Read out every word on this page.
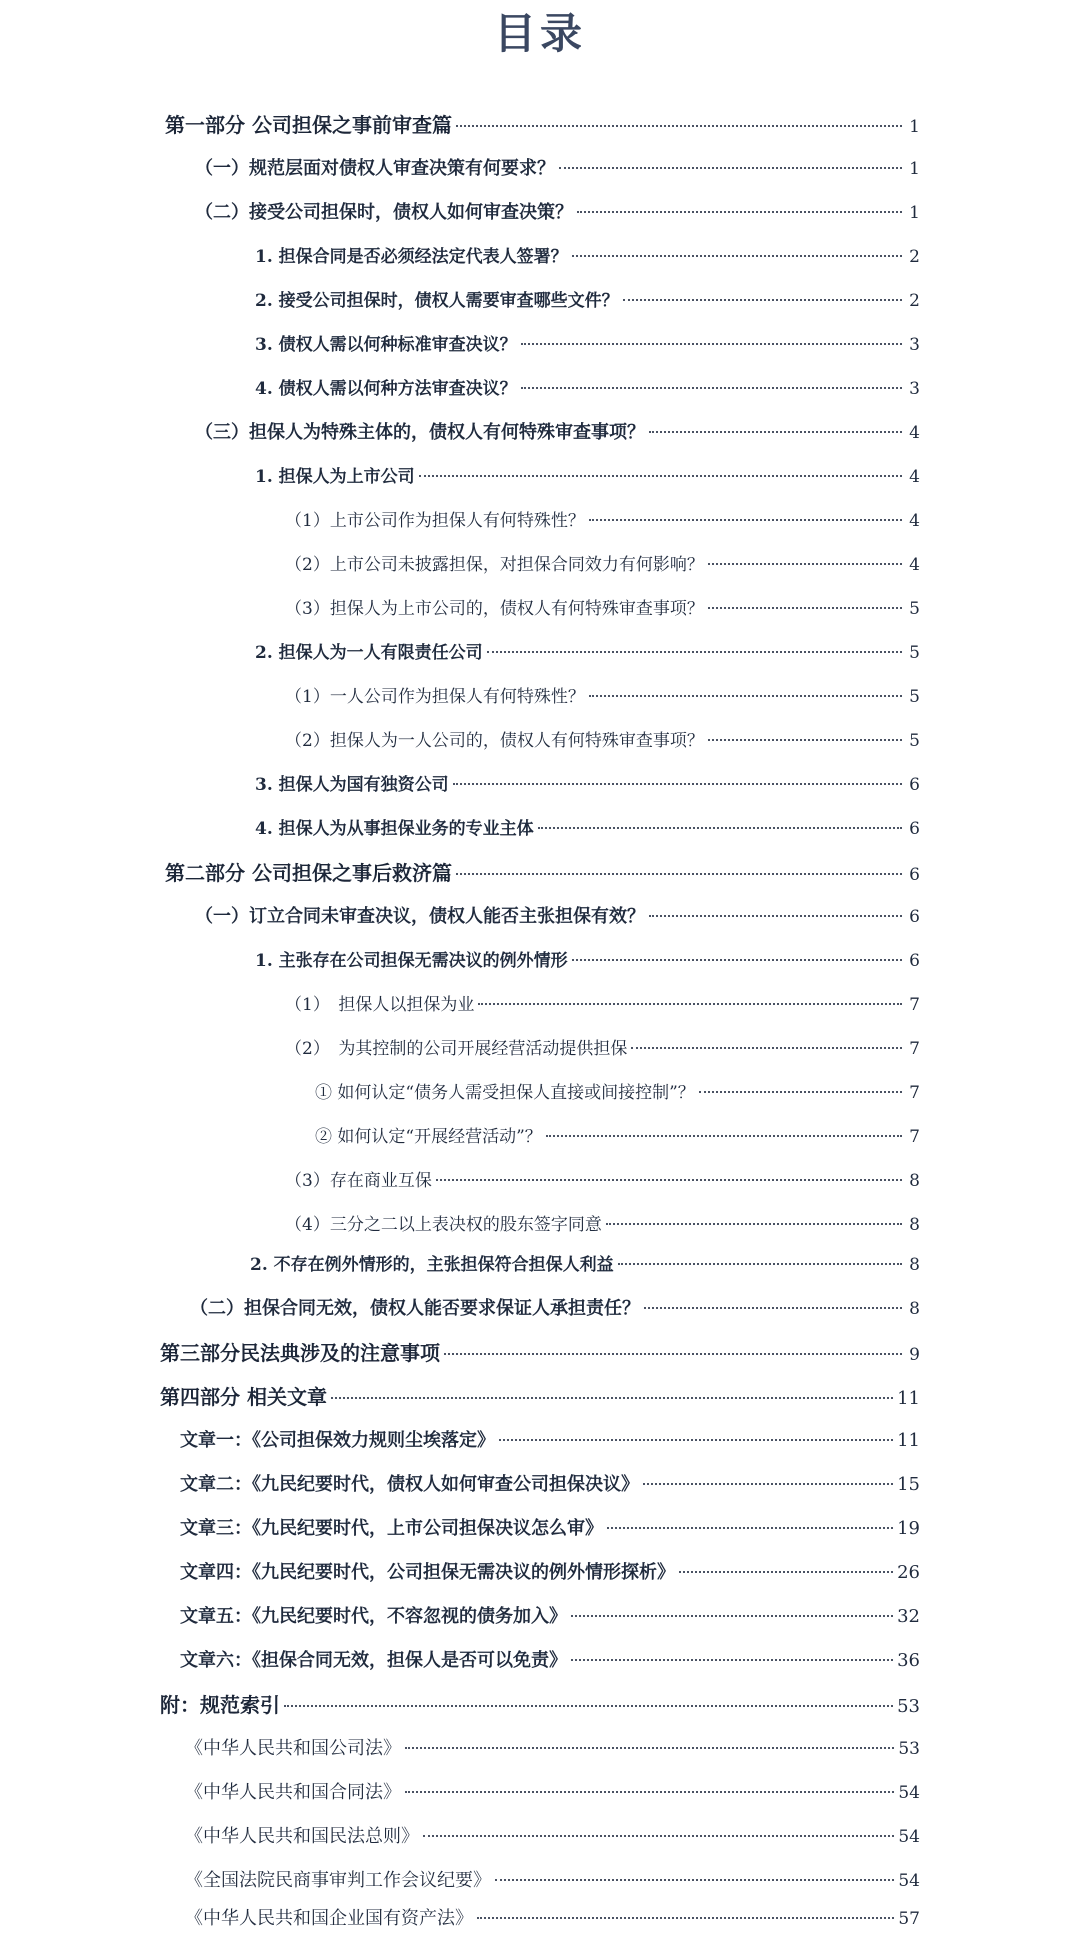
目录
第一部分 公司担保之事前审查篇	1
（一）规范层面对债权人审查决策有何要求？	1
（二）接受公司担保时，债权人如何审查决策？	1
1. 担保合同是否必须经法定代表人签署？	2
2. 接受公司担保时，债权人需要审查哪些文件？	2
3. 债权人需以何种标准审查决议？	3
4. 债权人需以何种方法审查决议？	3
（三）担保人为特殊主体的，债权人有何特殊审查事项？	4
1. 担保人为上市公司	4
（1）上市公司作为担保人有何特殊性？	4
（2）上市公司未披露担保，对担保合同效力有何影响？	4
（3）担保人为上市公司的，债权人有何特殊审查事项？	5
2. 担保人为一人有限责任公司	5
（1）一人公司作为担保人有何特殊性？	5
（2）担保人为一人公司的，债权人有何特殊审查事项？	5
3. 担保人为国有独资公司	6
4. 担保人为从事担保业务的专业主体	6
第二部分 公司担保之事后救济篇	6
（一）订立合同未审查决议，债权人能否主张担保有效？	6
1. 主张存在公司担保无需决议的例外情形	6
（1）　担保人以担保为业	7
（2）　为其控制的公司开展经营活动提供担保	7
① 如何认定“债务人需受担保人直接或间接控制”？	7
② 如何认定“开展经营活动”？	7
（3）存在商业互保	8
（4）三分之二以上表决权的股东签字同意	8
2. 不存在例外情形的，主张担保符合担保人利益	8
（二）担保合同无效，债权人能否要求保证人承担责任？	8
第三部分民法典涉及的注意事项	9
第四部分 相关文章	11
文章一：《公司担保效力规则尘埃落定》	11
文章二：《九民纪要时代，债权人如何审查公司担保决议》	15
文章三：《九民纪要时代，上市公司担保决议怎么审》	19
文章四：《九民纪要时代，公司担保无需决议的例外情形探析》	26
文章五：《九民纪要时代，不容忽视的债务加入》	32
文章六：《担保合同无效，担保人是否可以免责》	36
附：规范索引	53
《中华人民共和国公司法》	53
《中华人民共和国合同法》	54
《中华人民共和国民法总则》	54
《全国法院民商事审判工作会议纪要》	54
《中华人民共和国企业国有资产法》	57
